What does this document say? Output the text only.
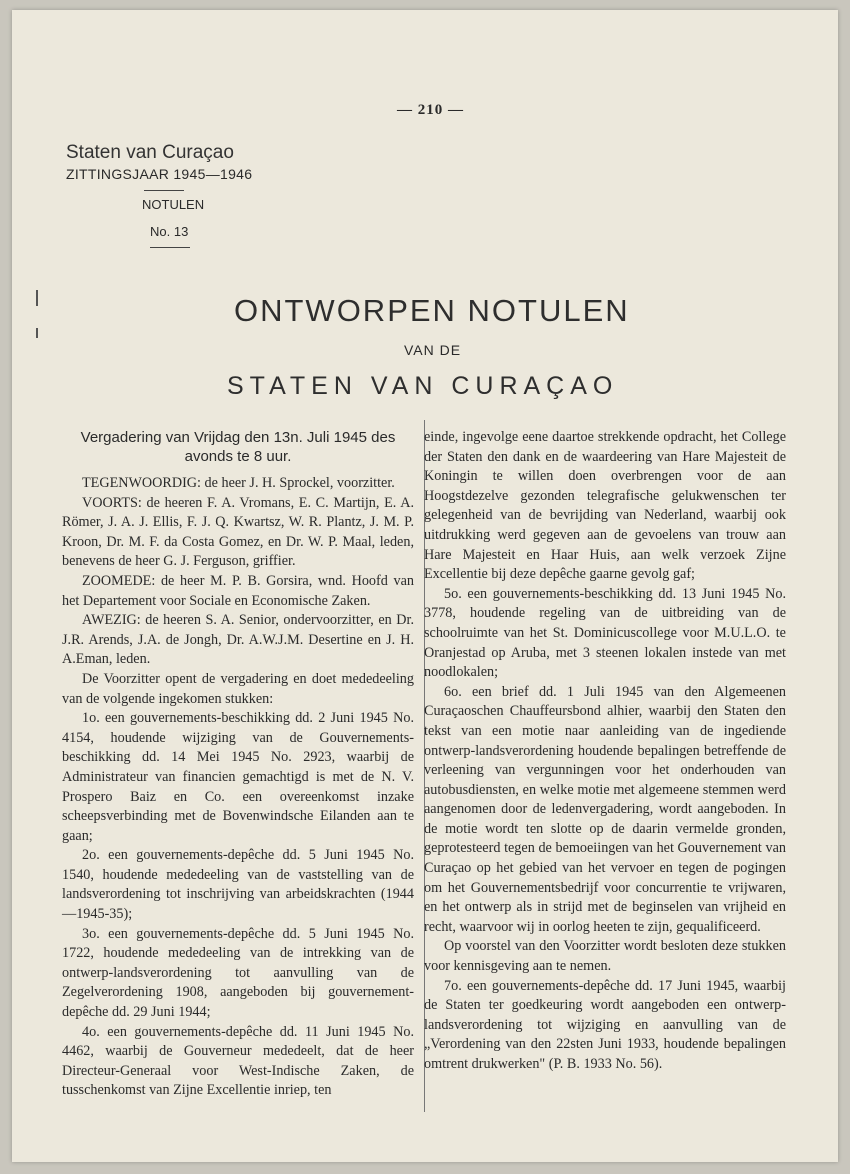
— 210 —
Staten van Curaçao
ZITTINGSJAAR 1945—1946
NOTULEN
No. 13
ONTWORPEN NOTULEN
VAN DE
STATEN VAN CURAÇAO

Vergadering van Vrijdag den 13n. Juli 1945 des avonds te 8 uur.

TEGENWOORDIG: de heer J. H. Sprockel, voorzitter.

VOORTS: de heeren F. A. Vromans, E. C. Martijn, E. A. Römer, J. A. J. Ellis, F. J. Q. Kwartsz, W. R. Plantz, J. M. P. Kroon, Dr. M. F. da Costa Gomez, en Dr. W. P. Maal, leden, benevens de heer G. J. Ferguson, griffier.

ZOOMEDE: de heer M. P. B. Gorsira, wnd. Hoofd van het Departement voor Sociale en Economische Zaken.

AWEZIG: de heeren S. A. Senior, ondervoorzitter, en Dr. J.R. Arends, J.A. de Jongh, Dr. A.W.J.M. Desertine en J. H. A.Eman, leden.

De Voorzitter opent de vergadering en doet mededeeling van de volgende ingekomen stukken:

1o. een gouvernements-beschikking dd. 2 Juni 1945 No. 4154, houdende wijziging van de Gouvernements-beschikking dd. 14 Mei 1945 No. 2923, waarbij de Administrateur van financien gemachtigd is met de N. V. Prospero Baiz en Co. een overeenkomst inzake scheepsverbinding met de Bovenwindsche Eilanden aan te gaan;

2o. een gouvernements-depêche dd. 5 Juni 1945 No. 1540, houdende mededeeling van de vaststelling van de landsverordening tot inschrijving van arbeidskrachten (1944—1945-35);

3o. een gouvernements-depêche dd. 5 Juni 1945 No. 1722, houdende mededeeling van de intrekking van de ontwerp-landsverordening tot aanvulling van de Zegelverordening 1908, aangeboden bij gouvernement-depêche dd. 29 Juni 1944;

4o. een gouvernements-depêche dd. 11 Juni 1945 No. 4462, waarbij de Gouverneur mededeelt, dat de heer Directeur-Generaal voor West-Indische Zaken, de tusschenkomst van Zijne Excellentie inriep, ten

einde, ingevolge eene daartoe strekkende opdracht, het College der Staten den dank en de waardeering van Hare Majesteit de Koningin te willen doen overbrengen voor de aan Hoogstdezelve gezonden telegrafische gelukwenschen ter gelegenheid van de bevrijding van Nederland, waarbij ook uitdrukking werd gegeven aan de gevoelens van trouw aan Hare Majesteit en Haar Huis, aan welk verzoek Zijne Excellentie bij deze depêche gaarne gevolg gaf;

5o. een gouvernements-beschikking dd. 13 Juni 1945 No. 3778, houdende regeling van de uitbreiding van de schoolruimte van het St. Dominicuscollege voor M.U.L.O. te Oranjestad op Aruba, met 3 steenen lokalen instede van met noodlokalen;

6o. een brief dd. 1 Juli 1945 van den Algemeenen Curaçaoschen Chauffeursbond alhier, waarbij den Staten den tekst van een motie naar aanleiding van de ingediende ontwerp-landsverordening houdende bepalingen betreffende de verleening van vergunningen voor het onderhouden van autobusdiensten, en welke motie met algemeene stemmen werd aangenomen door de ledenvergadering, wordt aangeboden. In de motie wordt ten slotte op de daarin vermelde gronden, geprotesteerd tegen de bemoeiingen van het Gouvernement van Curaçao op het gebied van het vervoer en tegen de pogingen om het Gouvernementsbedrijf voor concurrentie te vrijwaren, en het ontwerp als in strijd met de beginselen van vrijheid en recht, waarvoor wij in oorlog heeten te zijn, gequalificeerd.

Op voorstel van den Voorzitter wordt besloten deze stukken voor kennisgeving aan te nemen.

7o. een gouvernements-depêche dd. 17 Juni 1945, waarbij de Staten ter goedkeuring wordt aangeboden een ontwerp-landsverordening tot wijziging en aanvulling van de „Verordening van den 22sten Juni 1933, houdende bepalingen omtrent drukwerken" (P. B. 1933 No. 56).
